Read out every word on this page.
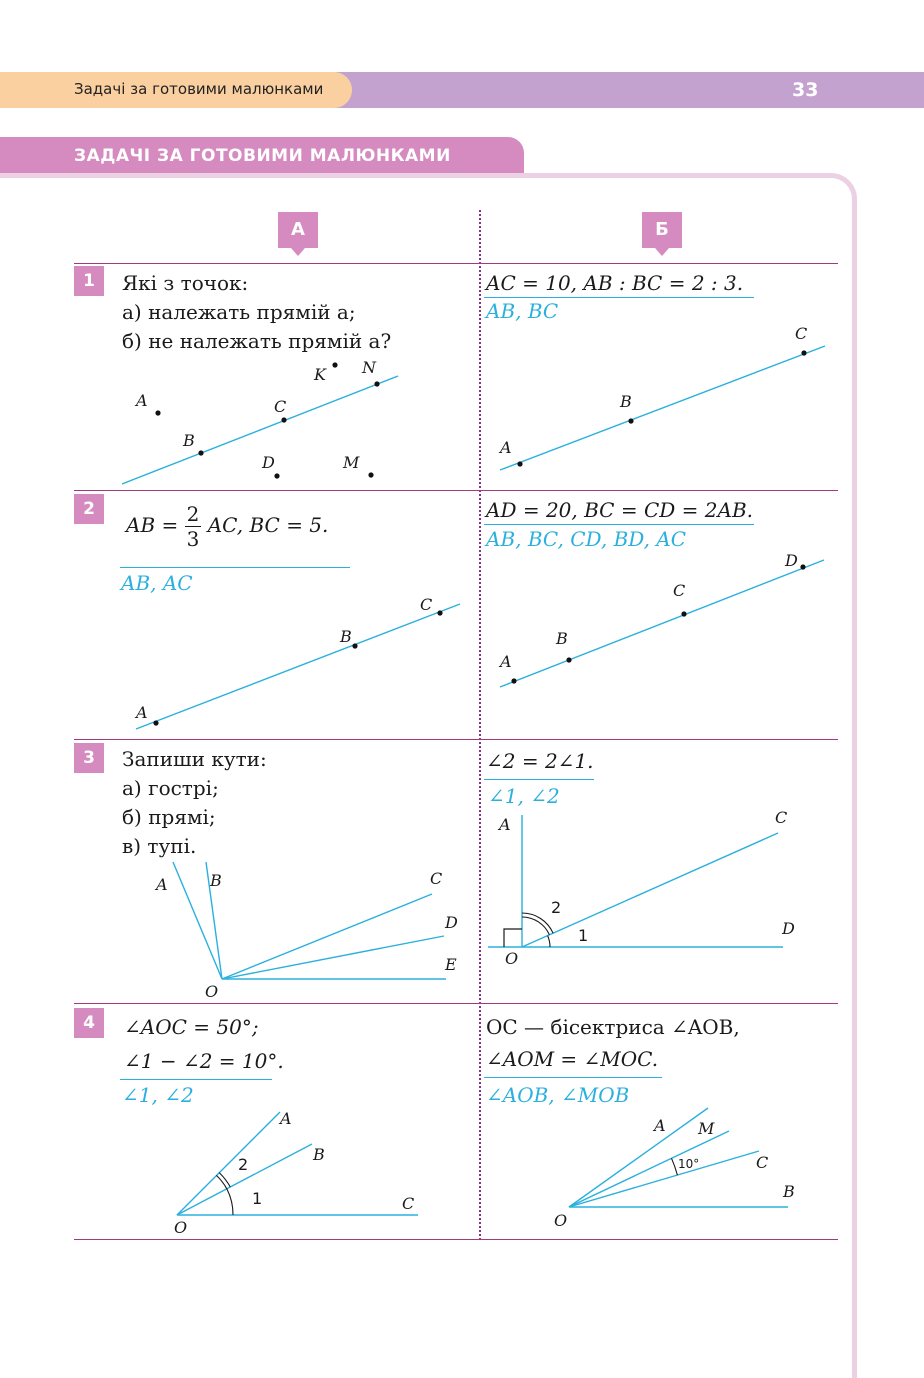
Задачі за готовими малюнками	33
ЗАДАЧІ ЗА ГОТОВИМИ МАЛЮНКАМИ
А	Б
1	Які з точок:
а) належать прямій a;
б) не належать прямій a?
K N
A	C
B
D	M
AC = 10, AB : BC = 2 : 3.
AB, BC
A
B
C
2
AB = $\frac{2}{3}$ AC, BC = 5.
AB, AC
A
B
C
AD = 20, BC = CD = 2AB.
AB, BC, CD, BD, AC
A
B
C
D
3	Запиши кути:
а) гострі;
б) прямі;
в) тупі.
A	B	C
D
E
O
∠2 = 2∠1.
∠1, ∠2
A	C
D
O
2
1
4	∠AOC = 50°;
∠1 − ∠2 = 10°.
∠1, ∠2
A
B
C
O
2
1
OC — бісектриса ∠AOB,
∠AOM = ∠MOC.
∠AOB, ∠MOB
A M
C
B
O
10°
